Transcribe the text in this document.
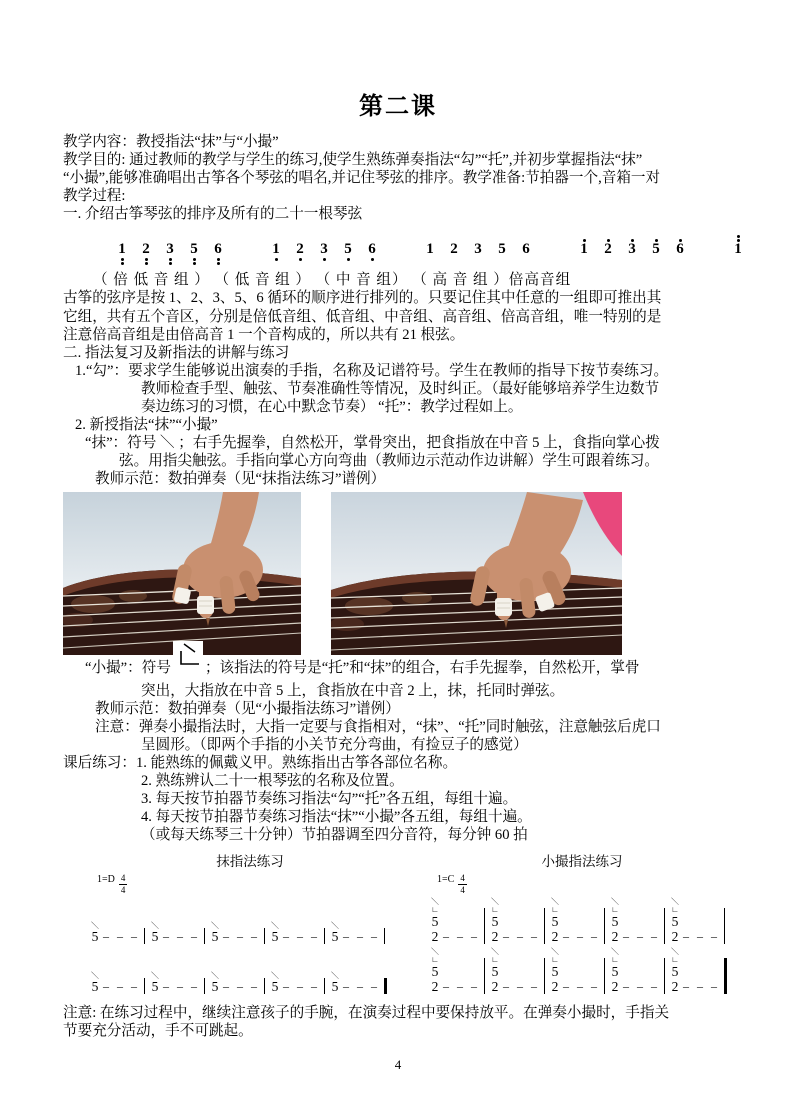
第二课
教学内容：教授指法“抹”与“小撮”
教学目的: 通过教师的教学与学生的练习,使学生熟练弹奏指法“勾”“托”,并初步掌握指法“抹”
“小撮”,能够准确唱出古筝各个琴弦的唱名,并记住琴弦的排序。教学准备:节拍器一个,音箱一对
教学过程:
一. 介绍古筝琴弦的排序及所有的二十一根琴弦
1 2 3 5 6	1 2 3 5 6	1 2 3 5 6	1 2 3 5 6	1
（ 倍 低 音 组 ） （ 低 音 组 ） （ 中 音 组） （ 高 音 组 ）倍高音组
古筝的弦序是按 1、2、3、5、6 循环的顺序进行排列的。只要记住其中任意的一组即可推出其
它组，共有五个音区，分别是倍低音组、低音组、中音组、高音组、倍高音组，唯一特别的是
注意倍高音组是由倍高音 1 一个音构成的，所以共有 21 根弦。
二. 指法复习及新指法的讲解与练习
1.“勾”：要求学生能够说出演奏的手指，名称及记谱符号。学生在教师的指导下按节奏练习。
教师检查手型、触弦、节奏准确性等情况，及时纠正。（最好能够培养学生边数节
奏边练习的习惯，在心中默念节奏） “托”：教学过程如上。
2. 新授指法“抹”“小撮”
“抹”：符号 ＼ ；右手先握拳，自然松开，掌骨突出，把食指放在中音 5 上，食指向掌心拨
弦。用指尖触弦。手指向掌心方向弯曲（教师边示范动作边讲解）学生可跟着练习。
教师示范：数拍弹奏（见“抹指法练习”谱例）
“小撮”：符号 ；该指法的符号是“托”和“抹”的组合，右手先握拳，自然松开，掌骨
突出，大指放在中音 5 上，食指放在中音 2 上，抹，托同时弹弦。
教师示范：数拍弹奏（见“小撮指法练习”谱例）
注意：弹奏小撮指法时，大指一定要与食指相对，“抹”、“托”同时触弦，注意触弦后虎口
呈圆形。（即两个手指的小关节充分弯曲，有捡豆子的感觉）
课后练习：1. 能熟练的佩戴义甲。熟练指出古筝各部位名称。
2. 熟练辨认二十一根琴弦的名称及位置。
3. 每天按节拍器节奏练习指法“勾”“托”各五组，每组十遍。
4. 每天按节拍器节奏练习指法“抹”“小撮”各五组，每组十遍。
（或每天练琴三十分钟）节拍器调至四分音符，每分钟 60 拍
抹指法练习
$1=D \frac{4}{4}$
＼
5 – – –
＼
5 – – –
＼
5 – – –
＼
5 – – –
＼
5 – – –
＼
5 – – –
＼
5 – – –
＼
5 – – –
＼
5 – – –
＼
5 – – –
小撮指法练习
$1=C \frac{4}{4}$
＼
∟
5
2 – – –
＼
∟
5
2 – – –
＼
∟
5
2 – – –
＼
∟
5
2 – – –
＼
∟
5
2 – – –
＼
∟
5
2 – – –
＼
∟
5
2 – – –
＼
∟
5
2 – – –
＼
∟
5
2 – – –
＼
∟
5
2 – – –
注意: 在练习过程中，继续注意孩子的手腕，在演奏过程中要保持放平。在弹奏小撮时，手指关
节要充分活动，手不可跳起。
4
